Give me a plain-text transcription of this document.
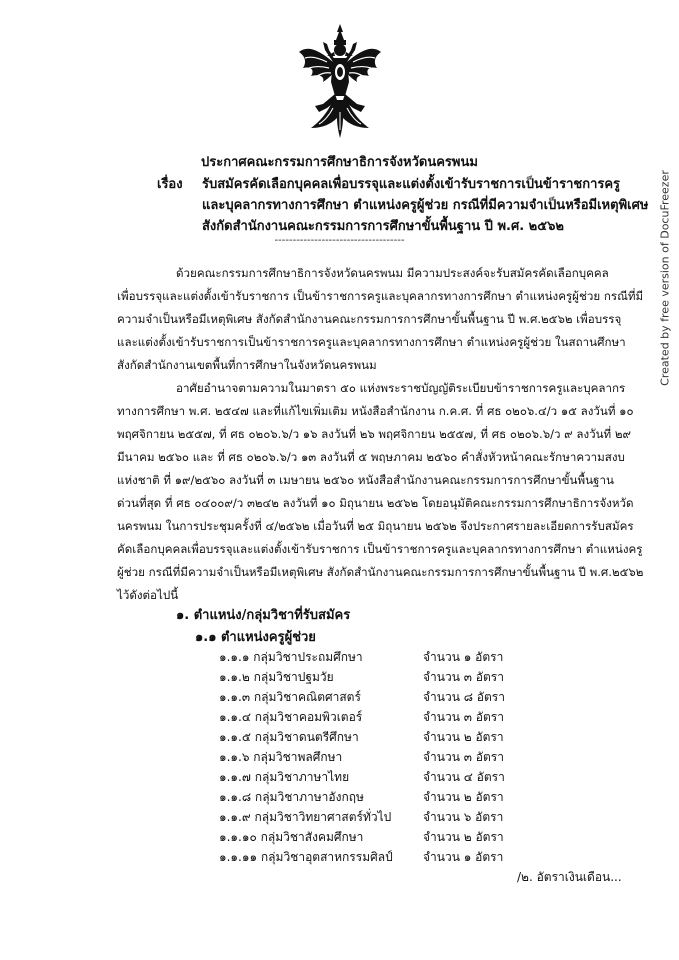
ประกาศคณะกรรมการศึกษาธิการจังหวัดนครพนม
เรื่อง รับสมัครคัดเลือกบุคคลเพื่อบรรจุและแต่งตั้งเข้ารับราชการเป็นข้าราชการครู
และบุคลากรทางการศึกษา ตำแหน่งครูผู้ช่วย กรณีที่มีความจำเป็นหรือมีเหตุพิเศษ
สังกัดสำนักงานคณะกรรมการการศึกษาขั้นพื้นฐาน ปี พ.ศ. ๒๕๖๒
------------------------------------
ด้วยคณะกรรมการศึกษาธิการจังหวัดนครพนม มีความประสงค์จะรับสมัครคัดเลือกบุคคล
เพื่อบรรจุและแต่งตั้งเข้ารับราชการ เป็นข้าราชการครูและบุคลากรทางการศึกษา ตำแหน่งครูผู้ช่วย กรณีที่มี
ความจำเป็นหรือมีเหตุพิเศษ สังกัดสำนักงานคณะกรรมการการศึกษาขั้นพื้นฐาน ปี พ.ศ.๒๕๖๒ เพื่อบรรจุ
และแต่งตั้งเข้ารับราชการเป็นข้าราชการครูและบุคลากรทางการศึกษา ตำแหน่งครูผู้ช่วย ในสถานศึกษา
สังกัดสำนักงานเขตพื้นที่การศึกษาในจังหวัดนครพนม
อาศัยอำนาจตามความในมาตรา ๕๐ แห่งพระราชบัญญัติระเบียบข้าราชการครูและบุคลากร
ทางการศึกษา พ.ศ. ๒๕๔๗ และที่แก้ไขเพิ่มเติม หนังสือสำนักงาน ก.ค.ศ. ที่ ศธ ๐๒๐๖.๔/ว ๑๕ ลงวันที่ ๑๐
พฤศจิกายน ๒๕๕๗, ที่ ศธ ๐๒๐๖.๖/ว ๑๖ ลงวันที่ ๒๖ พฤศจิกายน ๒๕๕๗, ที่ ศธ ๐๒๐๖.๖/ว ๙ ลงวันที่ ๒๙
มีนาคม ๒๕๖๐ และ ที่ ศธ ๐๒๐๖.๖/ว ๑๓ ลงวันที่ ๕ พฤษภาคม ๒๕๖๐ คำสั่งหัวหน้าคณะรักษาความสงบ
แห่งชาติ ที่ ๑๙/๒๕๖๐ ลงวันที่ ๓ เมษายน ๒๕๖๐ หนังสือสำนักงานคณะกรรมการการศึกษาขั้นพื้นฐาน
ด่วนที่สุด ที่ ศธ ๐๔๐๐๙/ว ๓๒๔๒ ลงวันที่ ๑๐ มิถุนายน ๒๕๖๒ โดยอนุมัติคณะกรรมการศึกษาธิการจังหวัด
นครพนม ในการประชุมครั้งที่ ๔/๒๕๖๒ เมื่อวันที่ ๒๕ มิถุนายน ๒๕๖๒ จึงประกาศรายละเอียดการรับสมัคร
คัดเลือกบุคคลเพื่อบรรจุและแต่งตั้งเข้ารับราชการ เป็นข้าราชการครูและบุคลากรทางการศึกษา ตำแหน่งครู
ผู้ช่วย กรณีที่มีความจำเป็นหรือมีเหตุพิเศษ สังกัดสำนักงานคณะกรรมการการศึกษาขั้นพื้นฐาน ปี พ.ศ.๒๕๖๒
ไว้ดังต่อไปนี้
๑. ตำแหน่ง/กลุ่มวิชาที่รับสมัคร
๑.๑ ตำแหน่งครูผู้ช่วย
๑.๑.๑ กลุ่มวิชาประถมศึกษา	จำนวน ๑ อัตรา
๑.๑.๒ กลุ่มวิชาปฐมวัย	จำนวน ๓ อัตรา
๑.๑.๓ กลุ่มวิชาคณิตศาสตร์	จำนวน ๘ อัตรา
๑.๑.๔ กลุ่มวิชาคอมพิวเตอร์	จำนวน ๓ อัตรา
๑.๑.๕ กลุ่มวิชาดนตรีศึกษา	จำนวน ๒ อัตรา
๑.๑.๖ กลุ่มวิชาพลศึกษา	จำนวน ๓ อัตรา
๑.๑.๗ กลุ่มวิชาภาษาไทย	จำนวน ๔ อัตรา
๑.๑.๘ กลุ่มวิชาภาษาอังกฤษ	จำนวน ๒ อัตรา
๑.๑.๙ กลุ่มวิชาวิทยาศาสตร์ทั่วไป	จำนวน ๖ อัตรา
๑.๑.๑๐ กลุ่มวิชาสังคมศึกษา	จำนวน ๒ อัตรา
๑.๑.๑๑ กลุ่มวิชาอุตสาหกรรมศิลป์	จำนวน ๑ อัตรา
/๒. อัตราเงินเดือน...
Created by free version of DocuFreezer
